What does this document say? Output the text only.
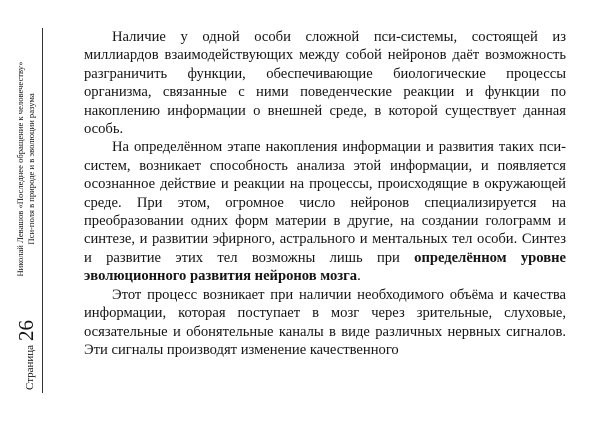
Страница
26
Николай Левашов «Последнее обращение к человечеству» Пси-поля в природе и в эволюции разума

Наличие у одной особи сложной пси-системы, состоящей из миллиардов взаимодействующих между собой нейронов даёт возможность разграничить функции, обеспечивающие биологические процессы организма, связанные с ними поведенческие реакции и функции по накоплению информации о внешней среде, в которой существует данная особь.

На определённом этапе накопления информации и развития таких пси-систем, возникает способность анализа этой информации, и появляется осознанное действие и реакции на процессы, происходящие в окружающей среде. При этом, огромное число нейронов специализируется на преобразовании одних форм материи в другие, на создании голограмм и синтезе, и развитии эфирного, астрального и ментальных тел особи. Синтез и развитие этих тел возможны лишь при определённом уровне эволюционного развития нейронов мозга.

Этот процесс возникает при наличии необходимого объёма и качества информации, которая поступает в мозг через зрительные, слуховые, осязательные и обонятельные каналы в виде различных нервных сигналов. Эти сигналы производят изменение качественного
